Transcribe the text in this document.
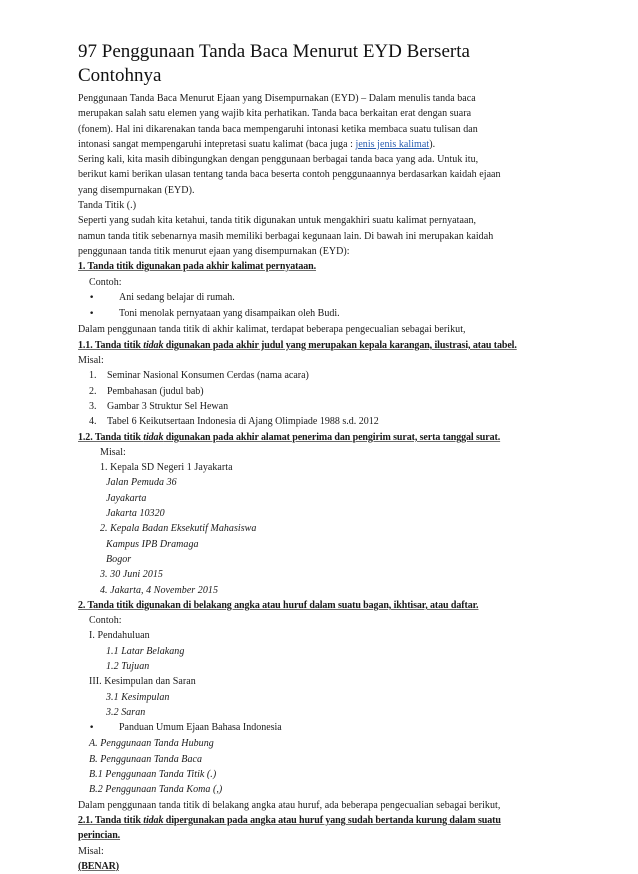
97 Penggunaan Tanda Baca Menurut EYD Berserta Contohnya

Penggunaan Tanda Baca Menurut Ejaan yang Disempurnakan (EYD) – Dalam menulis tanda baca

merupakan salah satu elemen yang wajib kita perhatikan. Tanda baca berkaitan erat dengan suara

(fonem). Hal ini dikarenakan tanda baca mempengaruhi intonasi ketika membaca suatu tulisan dan

intonasi sangat mempengaruhi intepretasi suatu kalimat (baca juga : jenis jenis kalimat).

Sering kali, kita masih dibingungkan dengan penggunaan berbagai tanda baca yang ada. Untuk itu,

berikut kami berikan ulasan tentang tanda baca beserta contoh penggunaannya berdasarkan kaidah ejaan

yang disempurnakan (EYD).

Tanda Titik (.)

Seperti yang sudah kita ketahui, tanda titik digunakan untuk mengakhiri suatu kalimat pernyataan,

namun tanda titik sebenarnya masih memiliki berbagai kegunaan lain. Di bawah ini merupakan kaidah

penggunaan tanda titik menurut ejaan yang disempurnakan (EYD):

1. Tanda titik digunakan pada akhir kalimat pernyataan.

Contoh:

•
Ani sedang belajar di rumah.
•
Toni menolak pernyataan yang disampaikan oleh Budi.

Dalam penggunaan tanda titik di akhir kalimat, terdapat beberapa pengecualian sebagai berikut,

1.1. Tanda titik tidak digunakan pada akhir judul yang merupakan kepala karangan, ilustrasi, atau tabel.

Misal:

1.	Seminar Nasional Konsumen Cerdas (nama acara)
2.	Pembahasan (judul bab)
3.	Gambar 3 Struktur Sel Hewan
4.	Tabel 6 Keikutsertaan Indonesia di Ajang Olimpiade 1988 s.d. 2012

1.2. Tanda titik tidak digunakan pada akhir alamat penerima dan pengirim surat, serta tanggal surat.

Misal:

1. Kepala SD Negeri 1 Jayakarta

Jalan Pemuda 36

Jayakarta

Jakarta 10320

2. Kepala Badan Eksekutif Mahasiswa

Kampus IPB Dramaga

Bogor

3. 30 Juni 2015

4. Jakarta, 4 November 2015

2. Tanda titik digunakan di belakang angka atau huruf dalam suatu bagan, ikhtisar, atau daftar.

Contoh:

I. Pendahuluan

1.1 Latar Belakang

1.2 Tujuan

III. Kesimpulan dan Saran

3.1 Kesimpulan

3.2 Saran

•
Panduan Umum Ejaan Bahasa Indonesia

A. Penggunaan Tanda Hubung

B. Penggunaan Tanda Baca

B.1 Penggunaan Tanda Titik (.)

B.2 Penggunaan Tanda Koma (,)

Dalam penggunaan tanda titik di belakang angka atau huruf, ada beberapa pengecualian sebagai berikut,

2.1. Tanda titik tidak dipergunakan pada angka atau huruf yang sudah bertanda kurung dalam suatu

perincian.

Misal:

(BENAR)
